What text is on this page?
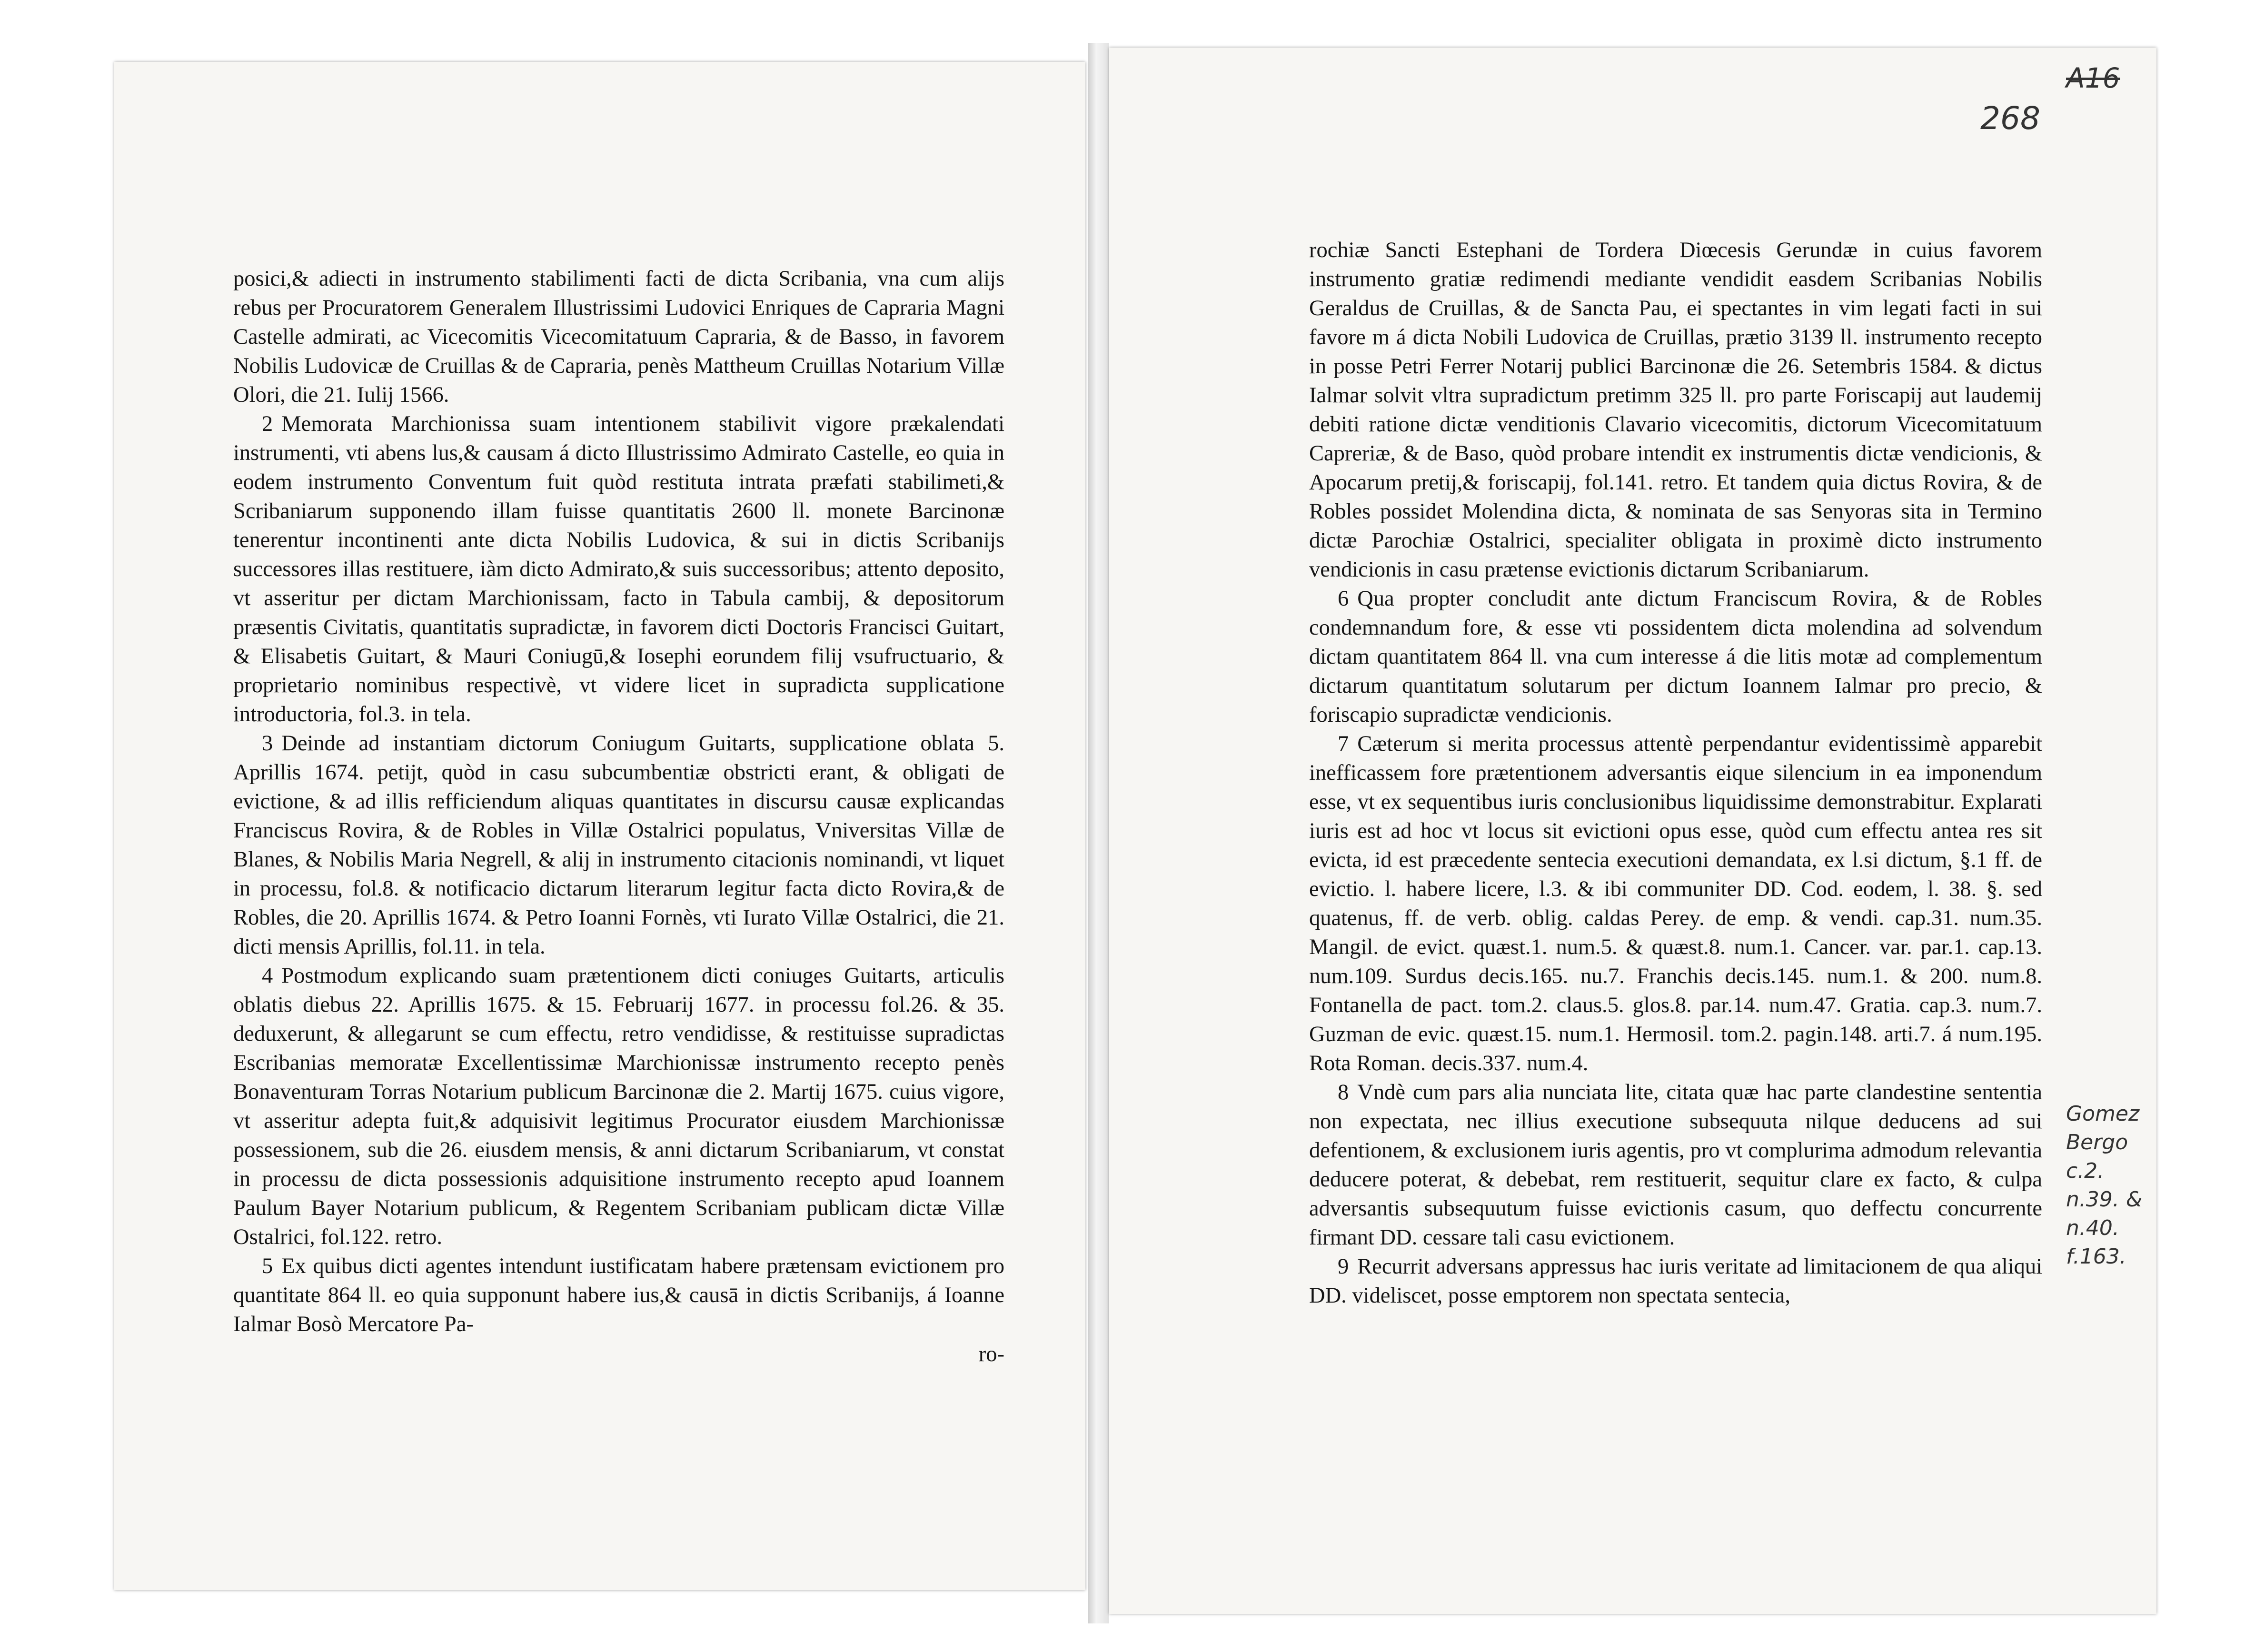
posici,& adiecti in instrumento stabilimenti facti de dicta Scribania, vna cum alijs rebus per Procuratorem Generalem Illustrissimi Ludovici Enriques de Capraria Magni Castelle admirati, ac Vicecomitis Vicecomitatuum Capraria, & de Basso, in favorem Nobilis Ludovicæ de Cruillas & de Capraria, penès Mattheum Cruillas Notarium Villæ Olori, die 21. Iulij 1566.

2 Memorata Marchionissa suam intentionem stabilivit vigore prækalendati instrumenti, vti abens lus,& causam á dicto Illustrissimo Admirato Castelle, eo quia in eodem instrumento Conventum fuit quòd restituta intrata præfati stabilimeti,& Scribaniarum supponendo illam fuisse quantitatis 2600 ll. monete Barcinonæ tenerentur incontinenti ante dicta Nobilis Ludovica, & sui in dictis Scribanijs successores illas restituere, iàm dicto Admirato,& suis successoribus; attento deposito, vt asseritur per dictam Marchionissam, facto in Tabula cambij, & depositorum præsentis Civitatis, quantitatis supradictæ, in favorem dicti Doctoris Francisci Guitart, & Elisabetis Guitart, & Mauri Coniugū,& Iosephi eorundem filij vsufructuario, & proprietario nominibus respectivè, vt videre licet in supradicta supplicatione introductoria, fol.3. in tela.

3 Deinde ad instantiam dictorum Coniugum Guitarts, supplicatione oblata 5. Aprillis 1674. petijt, quòd in casu subcumbentiæ obstricti erant, & obligati de evictione, & ad illis refficiendum aliquas quantitates in discursu causæ explicandas Franciscus Rovira, & de Robles in Villæ Ostalrici populatus, Vniversitas Villæ de Blanes, & Nobilis Maria Negrell, & alij in instrumento citacionis nominandi, vt liquet in processu, fol.8. & notificacio dictarum literarum legitur facta dicto Rovira,& de Robles, die 20. Aprillis 1674. & Petro Ioanni Fornès, vti Iurato Villæ Ostalrici, die 21. dicti mensis Aprillis, fol.11. in tela.

4 Postmodum explicando suam prætentionem dicti coniuges Guitarts, articulis oblatis diebus 22. Aprillis 1675. & 15. Februarij 1677. in processu fol.26. & 35. deduxerunt, & allegarunt se cum effectu, retro vendidisse, & restituisse supradictas Escribanias memoratæ Excellentissimæ Marchionissæ instrumento recepto penès Bonaventuram Torras Notarium publicum Barcinonæ die 2. Martij 1675. cuius vigore, vt asseritur adepta fuit,& adquisivit legitimus Procurator eiusdem Marchionissæ possessionem, sub die 26. eiusdem mensis, & anni dictarum Scribaniarum, vt constat in processu de dicta possessionis adquisitione instrumento recepto apud Ioannem Paulum Bayer Notarium publicum, & Regentem Scribaniam publicam dictæ Villæ Ostalrici, fol.122. retro.

5 Ex quibus dicti agentes intendunt iustificatam habere prætensam evictionem pro quantitate 864 ll. eo quia supponunt habere ius,& causā in dictis Scribanijs, á Ioanne Ialmar Bosò Mercatore Pa-

ro-

A16
268

rochiæ Sancti Estephani de Tordera Diœcesis Gerundæ in cuius favorem instrumento gratiæ redimendi mediante vendidit easdem Scribanias Nobilis Geraldus de Cruillas, & de Sancta Pau, ei spectantes in vim legati facti in sui favore m á dicta Nobili Ludovica de Cruillas, prætio 3139 ll. instrumento recepto in posse Petri Ferrer Notarij publici Barcinonæ die 26. Setembris 1584. & dictus Ialmar solvit vltra supradictum pretimm 325 ll. pro parte Foriscapij aut laudemij debiti ratione dictæ venditionis Clavario vicecomitis, dictorum Vicecomitatuum Capreriæ, & de Baso, quòd probare intendit ex instrumentis dictæ vendicionis, & Apocarum pretij,& foriscapij, fol.141. retro. Et tandem quia dictus Rovira, & de Robles possidet Molendina dicta, & nominata de sas Senyoras sita in Termino dictæ Parochiæ Ostalrici, specialiter obligata in proximè dicto instrumento vendicionis in casu prætense evictionis dictarum Scribaniarum.

6 Qua propter concludit ante dictum Franciscum Rovira, & de Robles condemnandum fore, & esse vti possidentem dicta molendina ad solvendum dictam quantitatem 864 ll. vna cum interesse á die litis motæ ad complementum dictarum quantitatum solutarum per dictum Ioannem Ialmar pro precio, & foriscapio supradictæ vendicionis.

7 Cæterum si merita processus attentè perpendantur evidentissimè apparebit inefficassem fore prætentionem adversantis eique silencium in ea imponendum esse, vt ex sequentibus iuris conclusionibus liquidissime demonstrabitur. Explarati iuris est ad hoc vt locus sit evictioni opus esse, quòd cum effectu antea res sit evicta, id est præcedente sentecia executioni demandata, ex l.si dictum, §.1 ff. de evictio. l. habere licere, l.3. & ibi communiter DD. Cod. eodem, l. 38. §. sed quatenus, ff. de verb. oblig. caldas Perey. de emp. & vendi. cap.31. num.35. Mangil. de evict. quæst.1. num.5. & quæst.8. num.1. Cancer. var. par.1. cap.13. num.109. Surdus decis.165. nu.7. Franchis decis.145. num.1. & 200. num.8. Fontanella de pact. tom.2. claus.5. glos.8. par.14. num.47. Gratia. cap.3. num.7. Guzman de evic. quæst.15. num.1. Hermosil. tom.2. pagin.148. arti.7. á num.195. Rota Roman. decis.337. num.4.

8 Vndè cum pars alia nunciata lite, citata quæ hac parte clandestine sententia non expectata, nec illius executione subsequuta nilque deducens ad sui defentionem, & exclusionem iuris agentis, pro vt complurima admodum relevantia deducere poterat, & debebat, rem restituerit, sequitur clare ex facto, & culpa adversantis subsequutum fuisse evictionis casum, quo deffectu concurrente firmant DD. cessare tali casu evictionem.

9 Recurrit adversans appressus hac iuris veritate ad limitacionem de qua aliqui DD. videliscet, posse emptorem non spectata sentecia,

Gomez Bergo c.2. n.39. & n.40. f.163.
